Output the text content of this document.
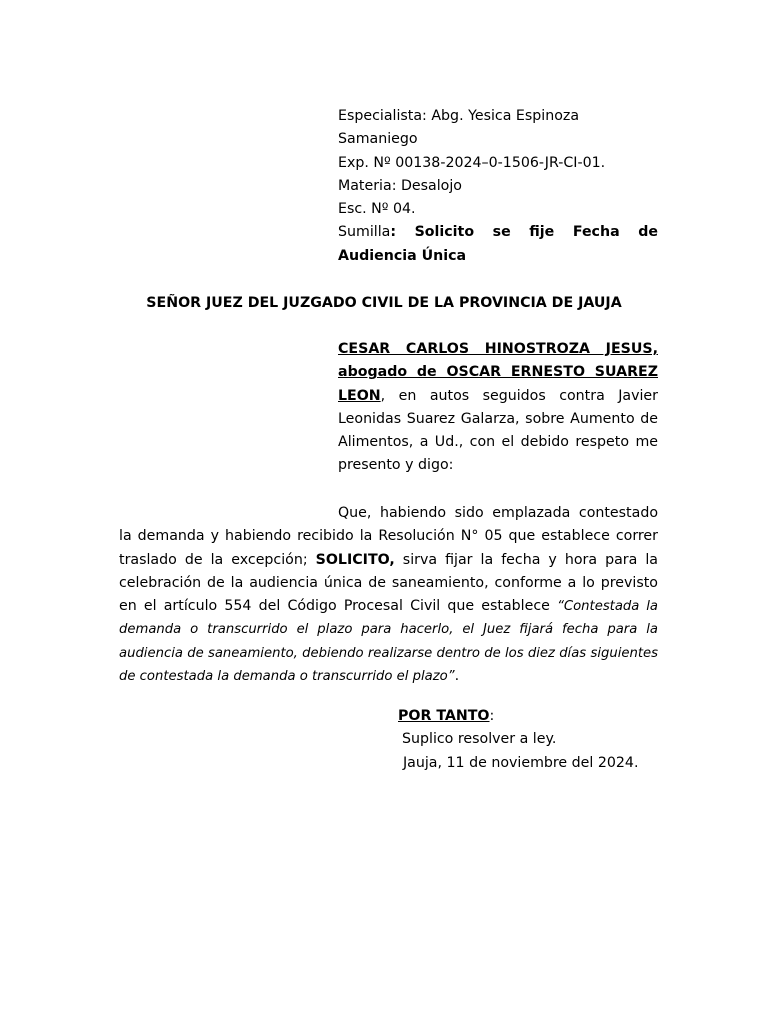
Especialista: Abg. Yesica Espinoza
Samaniego
Exp. Nº 00138-2024–0-1506-JR-CI-01.
Materia: Desalojo
Esc. Nº 04.
Sumilla: Solicito se fije Fecha de
Audiencia Única
SEÑOR JUEZ DEL JUZGADO CIVIL DE LA PROVINCIA DE JAUJA
CESAR CARLOS HINOSTROZA JESUS, abogado de OSCAR ERNESTO SUAREZ LEON, en autos seguidos contra Javier Leonidas Suarez Galarza, sobre Aumento de Alimentos, a Ud., con el debido respeto me presento y digo:
Que, habiendo sido emplazada contestado la demanda y habiendo recibido la Resolución N° 05 que establece correr traslado de la excepción; SOLICITO, sirva fijar la fecha y hora para la celebración de la audiencia única de saneamiento, conforme a lo previsto en el artículo 554 del Código Procesal Civil que establece “Contestada la demanda o transcurrido el plazo para hacerlo, el Juez fijará fecha para la audiencia de saneamiento, debiendo realizarse dentro de los diez días siguientes de contestada la demanda o transcurrido el plazo”.
POR TANTO:
Suplico resolver a ley.
Jauja, 11 de noviembre del 2024.
